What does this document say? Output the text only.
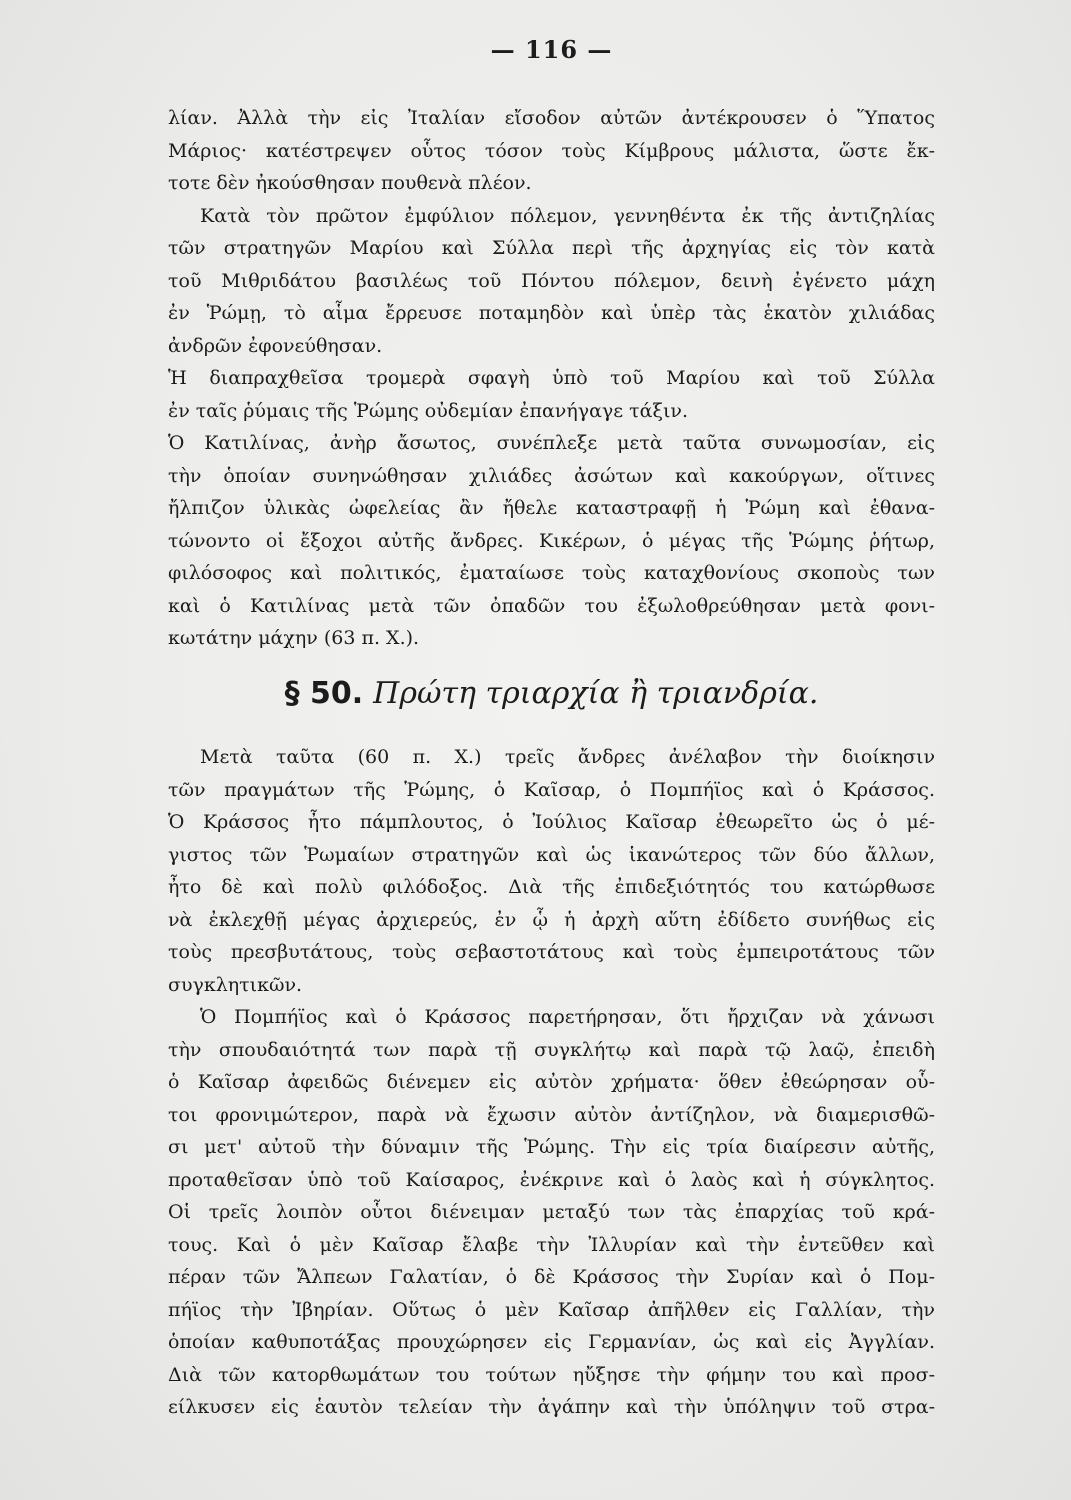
— 116 —
λίαν. Ἀλλὰ τὴν εἰς Ἰταλίαν εἴσοδον αὐτῶν ἀντέκρουσεν ὁ Ὕπατος
Μάριος· κατέστρεψεν οὗτος τόσον τοὺς Κίμβρους μάλιστα, ὥστε ἔκ-
τοτε δὲν ἠκούσθησαν πουθενὰ πλέον.
Κατὰ τὸν πρῶτον ἐμφύλιον πόλεμον, γεννηθέντα ἐκ τῆς ἀντιζηλίας
τῶν στρατηγῶν Μαρίου καὶ Σύλλα περὶ τῆς ἀρχηγίας εἰς τὸν κατὰ
τοῦ Μιθριδάτου βασιλέως τοῦ Πόντου πόλεμον, δεινὴ ἐγένετο μάχη
ἐν Ῥώμῃ, τὸ αἷμα ἔρρευσε ποταμηδὸν καὶ ὑπὲρ τὰς ἑκατὸν χιλιάδας
ἀνδρῶν ἐφονεύθησαν.
Ἡ διαπραχθεῖσα τρομερὰ σφαγὴ ὑπὸ τοῦ Μαρίου καὶ τοῦ Σύλλα
ἐν ταῖς ῥύμαις τῆς Ῥώμης οὐδεμίαν ἐπανήγαγε τάξιν.
Ὁ Κατιλίνας, ἀνὴρ ἄσωτος, συνέπλεξε μετὰ ταῦτα συνωμοσίαν, εἰς
τὴν ὁποίαν συνηνώθησαν χιλιάδες ἀσώτων καὶ κακούργων, οἵτινες
ἤλπιζον ὑλικὰς ὠφελείας ἂν ἤθελε καταστραφῇ ἡ Ῥώμη καὶ ἐθανα-
τώνοντο οἱ ἔξοχοι αὐτῆς ἄνδρες. Κικέρων, ὁ μέγας τῆς Ῥώμης ῥήτωρ,
φιλόσοφος καὶ πολιτικός, ἐματαίωσε τοὺς καταχθονίους σκοποὺς των
καὶ ὁ Κατιλίνας μετὰ τῶν ὀπαδῶν του ἐξωλοθρεύθησαν μετὰ φονι-
κωτάτην μάχην (63 π. Χ.).
§ 50. Πρώτη τριαρχία ἢ τριανδρία.
Μετὰ ταῦτα (60 π. Χ.) τρεῖς ἄνδρες ἀνέλαβον τὴν διοίκησιν
τῶν πραγμάτων τῆς Ῥώμης, ὁ Καῖσαρ, ὁ Πομπήϊος καὶ ὁ Κράσσος.
Ὁ Κράσσος ἦτο πάμπλουτος, ὁ Ἰούλιος Καῖσαρ ἐθεωρεῖτο ὡς ὁ μέ-
γιστος τῶν Ῥωμαίων στρατηγῶν καὶ ὡς ἱκανώτερος τῶν δύο ἄλλων,
ἦτο δὲ καὶ πολὺ φιλόδοξος. Διὰ τῆς ἐπιδεξιότητός του κατώρθωσε
νὰ ἐκλεχθῇ μέγας ἀρχιερεύς, ἐν ᾧ ἡ ἀρχὴ αὕτη ἐδίδετο συνήθως εἰς
τοὺς πρεσβυτάτους, τοὺς σεβαστοτάτους καὶ τοὺς ἐμπειροτάτους τῶν
συγκλητικῶν.
Ὁ Πομπήϊος καὶ ὁ Κράσσος παρετήρησαν, ὅτι ἤρχιζαν νὰ χάνωσι
τὴν σπουδαιότητά των παρὰ τῇ συγκλήτῳ καὶ παρὰ τῷ λαῷ, ἐπειδὴ
ὁ Καῖσαρ ἀφειδῶς διένεμεν εἰς αὐτὸν χρήματα· ὅθεν ἐθεώρησαν οὗ-
τοι φρονιμώτερον, παρὰ νὰ ἔχωσιν αὐτὸν ἀντίζηλον, νὰ διαμερισθῶ-
σι μετ' αὐτοῦ τὴν δύναμιν τῆς Ῥώμης. Τὴν εἰς τρία διαίρεσιν αὐτῆς,
προταθεῖσαν ὑπὸ τοῦ Καίσαρος, ἐνέκρινε καὶ ὁ λαὸς καὶ ἡ σύγκλητος.
Οἱ τρεῖς λοιπὸν οὗτοι διένειμαν μεταξύ των τὰς ἐπαρχίας τοῦ κρά-
τους. Καὶ ὁ μὲν Καῖσαρ ἔλαβε τὴν Ἰλλυρίαν καὶ τὴν ἐντεῦθεν καὶ
πέραν τῶν Ἄλπεων Γαλατίαν, ὁ δὲ Κράσσος τὴν Συρίαν καὶ ὁ Πομ-
πήϊος τὴν Ἰβηρίαν. Οὕτως ὁ μὲν Καῖσαρ ἀπῆλθεν εἰς Γαλλίαν, τὴν
ὁποίαν καθυποτάξας προυχώρησεν εἰς Γερμανίαν, ὡς καὶ εἰς Ἀγγλίαν.
Διὰ τῶν κατορθωμάτων του τούτων ηὔξησε τὴν φήμην του καὶ προσ-
είλκυσεν εἰς ἑαυτὸν τελείαν τὴν ἀγάπην καὶ τὴν ὑπόληψιν τοῦ στρα-
